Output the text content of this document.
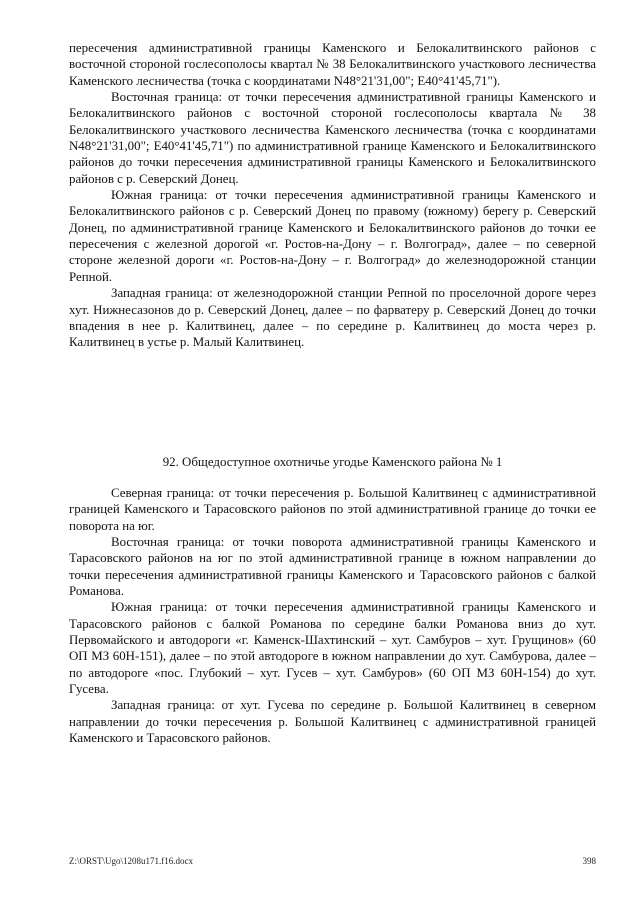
пересечения административной границы Каменского и Белокалитвинского районов с восточной стороной гослесополосы квартал № 38 Белокалитвинского участкового лесничества Каменского лесничества (точка с координатами N48°21'31,00"; E40°41'45,71").

Восточная граница: от точки пересечения административной границы Каменского и Белокалитвинского районов с восточной стороной гослесополосы квартала № 38 Белокалитвинского участкового лесничества Каменского лесничества (точка с координатами N48°21'31,00"; E40°41'45,71") по административной границе Каменского и Белокалитвинского районов до точки пересечения административной границы Каменского и Белокалитвинского районов с р. Северский Донец.

Южная граница: от точки пересечения административной границы Каменского и Белокалитвинского районов с р. Северский Донец по правому (южному) берегу р. Северский Донец, по административной границе Каменского и Белокалитвинского районов до точки ее пересечения с железной дорогой «г. Ростов-на-Дону – г. Волгоград», далее – по северной стороне железной дороги «г. Ростов-на-Дону – г. Волгоград» до железнодорожной станции Репной.

Западная граница: от железнодорожной станции Репной по проселочной дороге через хут. Нижнесазонов до р. Северский Донец, далее – по фарватеру р. Северский Донец до точки впадения в нее р. Калитвинец, далее – по середине р. Калитвинец до моста через р. Калитвинец в устье р. Малый Калитвинец.

92. Общедоступное охотничье угодье Каменского района № 1

Северная граница: от точки пересечения р. Большой Калитвинец с административной границей Каменского и Тарасовского районов по этой административной границе до точки ее поворота на юг.

Восточная граница: от точки поворота административной границы Каменского и Тарасовского районов на юг по этой административной границе в южном направлении до точки пересечения административной границы Каменского и Тарасовского районов с балкой Романова.

Южная граница: от точки пересечения административной границы Каменского и Тарасовского районов с балкой Романова по середине балки Романова вниз до хут. Первомайского и автодороги «г. Каменск-Шахтинский – хут. Самбуров – хут. Грущинов» (60 ОП МЗ 60Н-151), далее – по этой автодороге в южном направлении до хут. Самбурова, далее – по автодороге «пос. Глубокий – хут. Гусев – хут. Самбуров» (60 ОП МЗ 60Н-154) до хут. Гусева.

Западная граница: от хут. Гусева по середине р. Большой Калитвинец в северном направлении до точки пересечения р. Большой Калитвинец с административной границей Каменского и Тарасовского районов.

Z:\ORST\Ugo\1208u171.f16.docx	398
